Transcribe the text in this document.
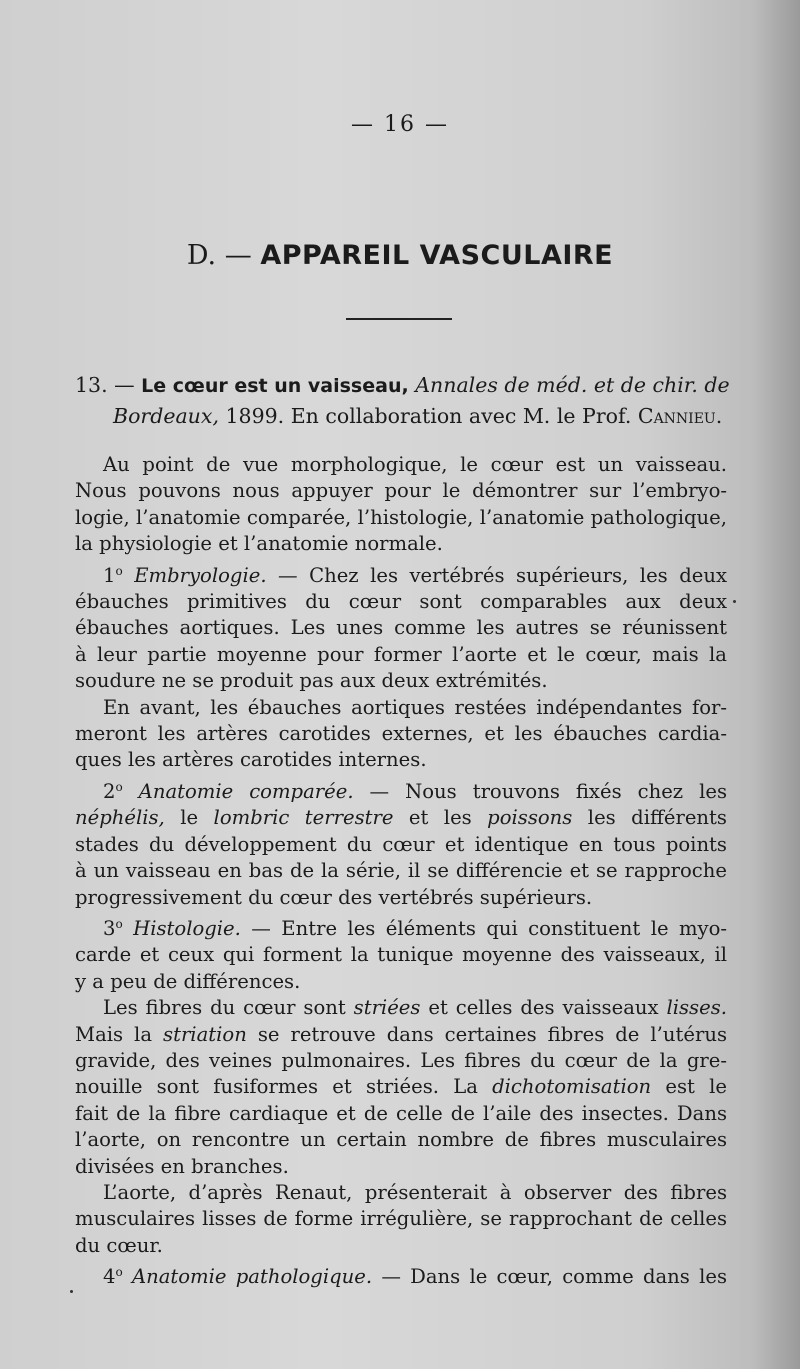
— 16 —
D. — APPAREIL VASCULAIRE
13. — Le cœur est un vaisseau, Annales de méd. et de chir. de
Bordeaux, 1899. En collaboration avec M. le Prof. Cannieu.
Au point de vue morphologique, le cœur est un vaisseau.
Nous pouvons nous appuyer pour le démontrer sur l’embryo-
logie, l’anatomie comparée, l’histologie, l’anatomie pathologique,
la physiologie et l’anatomie normale.
1$^o$ Embryologie. — Chez les vertébrés supérieurs, les deux
ébauches primitives du cœur sont comparables aux deux
ébauches aortiques. Les unes comme les autres se réunissent
à leur partie moyenne pour former l’aorte et le cœur, mais la
soudure ne se produit pas aux deux extrémités.
En avant, les ébauches aortiques restées indépendantes for-
meront les artères carotides externes, et les ébauches cardia-
ques les artères carotides internes.
2$^o$ Anatomie comparée. — Nous trouvons fixés chez les
néphélis, le lombric terrestre et les poissons les différents
stades du développement du cœur et identique en tous points
à un vaisseau en bas de la série, il se différencie et se rapproche
progressivement du cœur des vertébrés supérieurs.
3$^o$ Histologie. — Entre les éléments qui constituent le myo-
carde et ceux qui forment la tunique moyenne des vaisseaux, il
y a peu de différences.
Les fibres du cœur sont striées et celles des vaisseaux lisses.
Mais la striation se retrouve dans certaines fibres de l’utérus
gravide, des veines pulmonaires. Les fibres du cœur de la gre-
nouille sont fusiformes et striées. La dichotomisation est le
fait de la fibre cardiaque et de celle de l’aile des insectes. Dans
l’aorte, on rencontre un certain nombre de fibres musculaires
divisées en branches.
L’aorte, d’après Renaut, présenterait à observer des fibres
musculaires lisses de forme irrégulière, se rapprochant de celles
du cœur.
4$^o$ Anatomie pathologique. — Dans le cœur, comme dans les
